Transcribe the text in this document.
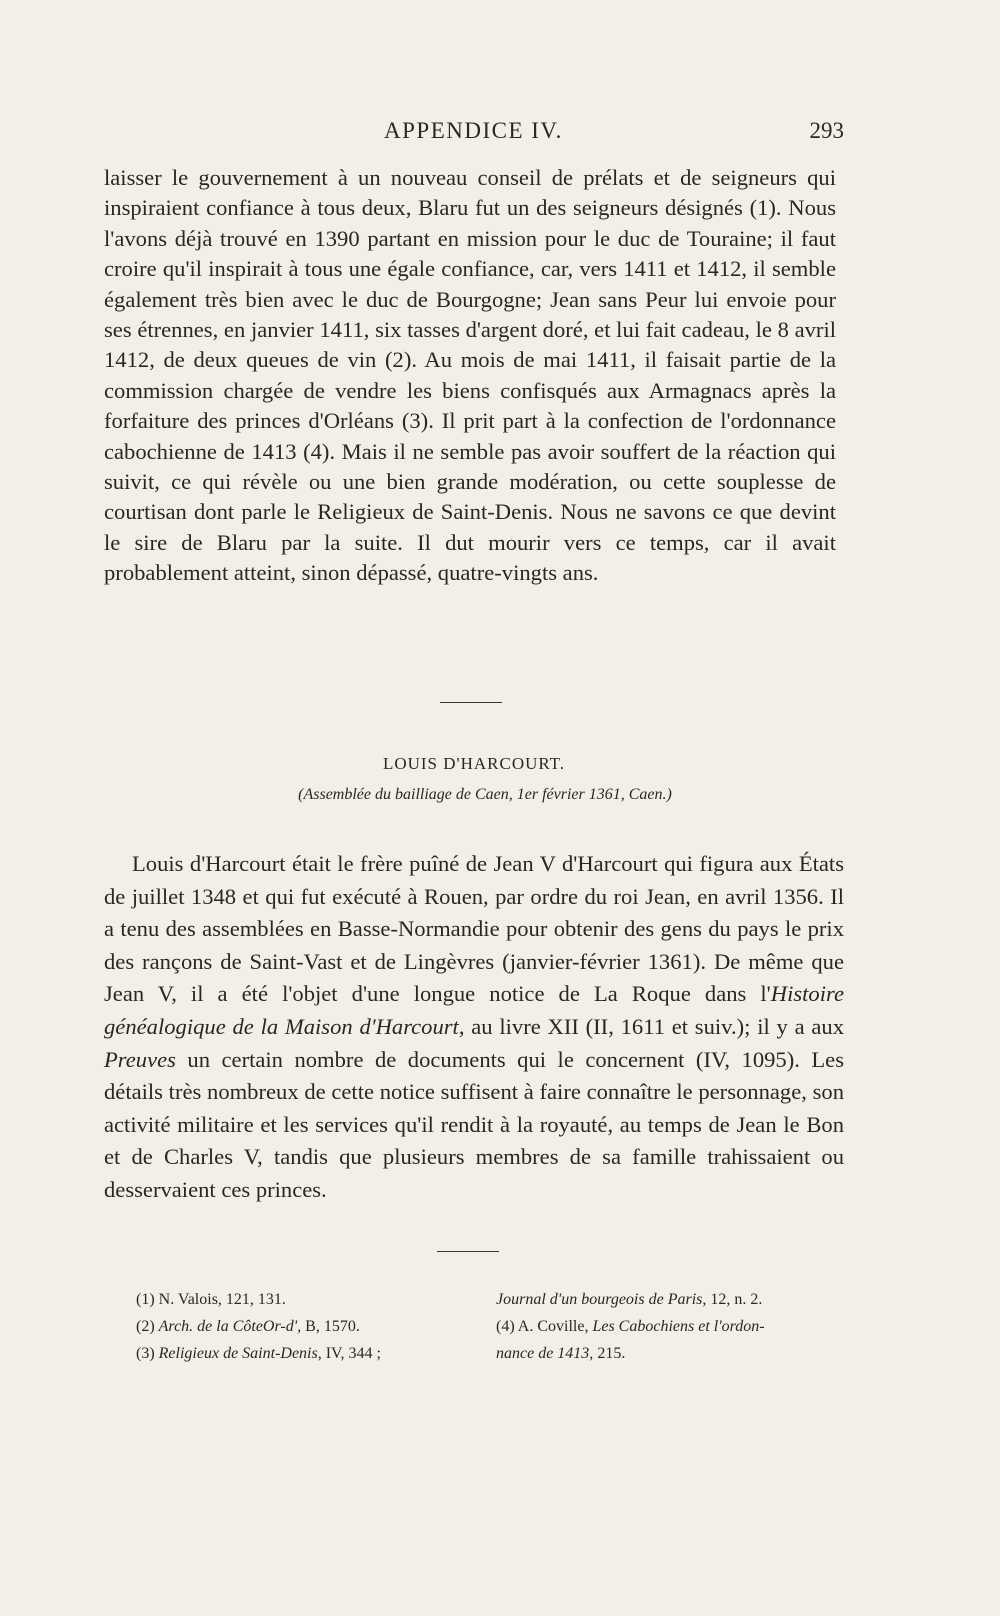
APPENDICE IV.	293

laisser le gouvernement à un nouveau conseil de prélats et de seigneurs qui inspiraient confiance à tous deux, Blaru fut un des seigneurs désignés (1). Nous l'avons déjà trouvé en 1390 partant en mission pour le duc de Touraine; il faut croire qu'il inspirait à tous une égale confiance, car, vers 1411 et 1412, il semble également très bien avec le duc de Bourgogne; Jean sans Peur lui envoie pour ses étrennes, en janvier 1411, six tasses d'argent doré, et lui fait cadeau, le 8 avril 1412, de deux queues de vin (2). Au mois de mai 1411, il faisait partie de la commission chargée de vendre les biens confisqués aux Armagnacs après la forfaiture des princes d'Orléans (3). Il prit part à la confection de l'ordonnance cabochienne de 1413 (4). Mais il ne semble pas avoir souffert de la réaction qui suivit, ce qui révèle ou une bien grande modération, ou cette souplesse de courtisan dont parle le Religieux de Saint-Denis. Nous ne savons ce que devint le sire de Blaru par la suite. Il dut mourir vers ce temps, car il avait probablement atteint, sinon dépassé, quatre-vingts ans.

LOUIS D'HARCOURT.
(Assemblée du bailliage de Caen, 1er février 1361, Caen.)

Louis d'Harcourt était le frère puîné de Jean V d'Harcourt qui figura aux États de juillet 1348 et qui fut exécuté à Rouen, par ordre du roi Jean, en avril 1356. Il a tenu des assemblées en Basse-Normandie pour obtenir des gens du pays le prix des rançons de Saint-Vast et de Lingèvres (janvier-février 1361). De même que Jean V, il a été l'objet d'une longue notice de La Roque dans l'Histoire généalogique de la Maison d'Harcourt, au livre XII (II, 1611 et suiv.); il y a aux Preuves un certain nombre de documents qui le concernent (IV, 1095). Les détails très nombreux de cette notice suffisent à faire connaître le personnage, son activité militaire et les services qu'il rendit à la royauté, au temps de Jean le Bon et de Charles V, tandis que plusieurs membres de sa famille trahissaient ou desservaient ces princes.

(1) N. Valois, 121, 131.
(2) Arch. de la CôteOr-d', B, 1570.
(3) Religieux de Saint-Denis, IV, 344 ;
Journal d'un bourgeois de Paris, 12, n. 2.
(4) A. Coville, Les Cabochiens et l'ordon-
nance de 1413, 215.
